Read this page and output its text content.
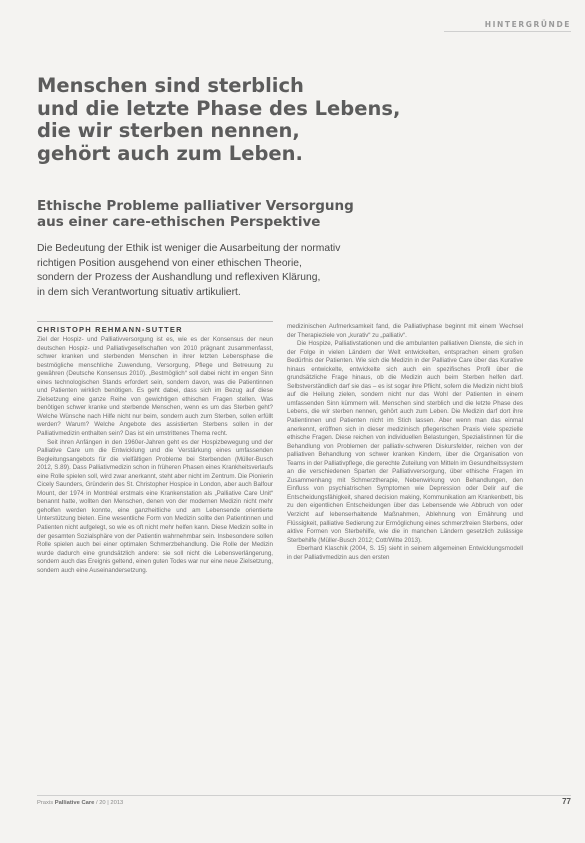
HINTERGRÜNDE
Menschen sind sterblich
und die letzte Phase des Lebens,
die wir sterben nennen,
gehört auch zum Leben.
Ethische Probleme palliativer Versorgung
aus einer care-ethischen Perspektive

Die Bedeutung der Ethik ist weniger die Ausarbeitung der normativ
richtigen Position ausgehend von einer ethischen Theorie,
sondern der Prozess der Aushandlung und reflexiven Klärung,
in dem sich Verantwortung situativ artikuliert.

CHRISTOPH REHMANN-SUTTER

Ziel der Hospiz- und Palliativversorgung ist es, wie es der Konsensus der neun deutschen Hospiz- und Palliativgesellschaften von 2010 prägnant zusammenfasst, schwer kranken und sterbenden Menschen in ihrer letzten Lebensphase die bestmögliche menschliche Zuwendung, Versorgung, Pflege und Betreuung zu gewähren (Deutsche Konsensus 2010). „Bestmöglich“ soll dabei nicht im engen Sinn eines technologischen Stands erfordert sein, sondern davon, was die Patientinnen und Patienten wirklich benötigen. Es geht dabei, dass sich im Bezug auf diese Zielsetzung eine ganze Reihe von gewichtigen ethischen Fragen stellen. Was benötigen schwer kranke und sterbende Menschen, wenn es um das Sterben geht? Welche Wünsche nach Hilfe nicht nur beim, sondern auch zum Sterben, sollen erfüllt werden? Warum? Welche Angebote des assistierten Sterbens sollen in der Palliativmedizin enthalten sein? Das ist ein umstrittenes Thema recht.

Seit ihren Anfängen in den 1960er-Jahren geht es der Hospizbewegung und der Palliative Care um die Entwicklung und die Verstärkung eines umfassenden Begleitungsangebots für die vielfältigen Probleme bei Sterbenden (Müller-Busch 2012, S.89). Dass Palliativmedizin schon in früheren Phasen eines Krankheitsverlaufs eine Rolle spielen soll, wird zwar anerkannt, steht aber nicht im Zentrum. Die Pionierin Cicely Saunders, Gründerin des St. Christopher Hospice in London, aber auch Balfour Mount, der 1974 in Montréal erstmals eine Krankenstation als „Palliative Care Unit“ benannt hatte, wollten den Menschen, denen von der modernen Medizin nicht mehr geholfen werden konnte, eine ganzheitliche und am Lebensende orientierte Unterstützung bieten. Eine wesentliche Form von Medizin sollte den Patientinnen und Patienten nicht aufgelegt, so wie es oft nicht mehr helfen kann. Diese Medizin sollte in der gesamten Sozialsphäre von der Patientin wahrnehmbar sein. Insbesondere sollen Rolle spielen auch bei einer optimalen Schmerzbehandlung. Die Rolle der Medizin wurde dadurch eine grundsätzlich andere: sie soll nicht die Lebensverlängerung, sondern auch das Ereignis geltend, einen guten Todes war nur eine neue Zielsetzung, sondern auch eine Auseinandersetzung.

medizinischen Aufmerksamkeit fand, die Palliativphase beginnt mit einem Wechsel der Therapieziele von „kurativ“ zu „palliativ“.

Die Hospize, Palliativstationen und die ambulanten palliativen Dienste, die sich in der Folge in vielen Ländern der Welt entwickelten, entsprachen einem großen Bedürfnis der Patienten. Wie sich die Medizin in der Palliative Care über das Kurative hinaus entwickelte, entwickelte sich auch ein spezifisches Profil über die grundsätzliche Frage hinaus, ob die Medizin auch beim Sterben helfen darf. Selbstverständlich darf sie das – es ist sogar ihre Pflicht, sofern die Medizin nicht bloß auf die Heilung zielen, sondern nicht nur das Wohl der Patienten in einem umfassenden Sinn kümmern will. Menschen sind sterblich und die letzte Phase des Lebens, die wir sterben nennen, gehört auch zum Leben. Die Medizin darf dort ihre Patientinnen und Patienten nicht im Stich lassen. Aber wenn man das einmal anerkennt, eröffnen sich in dieser medizinisch pflegerischen Praxis viele spezielle ethische Fragen. Diese reichen von individuellen Belastungen, Spezialistinnen für die Behandlung von Problemen der palliativ-schweren Diskursfelder, reichen von der palliativen Behandlung von schwer kranken Kindern, über die Organisation von Teams in der Palliativpflege, die gerechte Zuteilung von Mitteln im Gesundheitssystem an die verschiedenen Sparten der Palliativversorgung, über ethische Fragen im Zusammenhang mit Schmerztherapie, Nebenwirkung von Behandlungen, den Einfluss von psychiatrischen Symptomen wie Depression oder Delir auf die Entscheidungsfähigkeit, shared decision making, Kommunikation am Krankenbett, bis zu den eigentlichen Entscheidungen über das Lebensende wie Abbruch von oder Verzicht auf lebenserhaltende Maßnahmen, Ablehnung von Ernährung und Flüssigkeit, palliative Sedierung zur Ermöglichung eines schmerzfreien Sterbens, oder aktive Formen von Sterbehilfe, wie die in manchen Ländern gesetzlich zulässige Sterbehilfe (Müller-Busch 2012; Cott/Witte 2013).

Eberhard Klaschik (2004, S. 15) sieht in seinem allgemeinen Entwicklungsmodell in der Palliativmedizin aus den ersten

Praxis Palliative Care / 20 | 2013	77
